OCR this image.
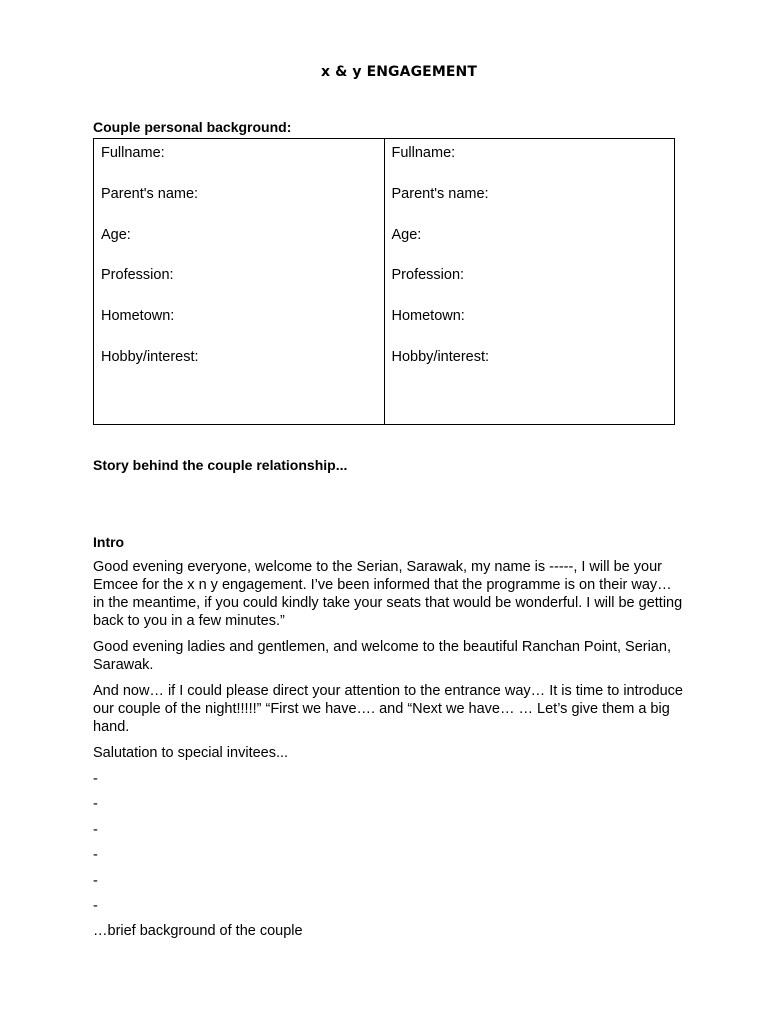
x & y ENGAGEMENT
Couple personal background:
Fullname:
Parent's name:
Age:
Profession:
Hometown:
Hobby/interest:
Fullname:
Parent's name:
Age:
Profession:
Hometown:
Hobby/interest:
Story behind the couple relationship...
Intro
Good evening everyone, welcome to the Serian, Sarawak, my name is -----, I will be your Emcee for the x n y engagement. I’ve been informed that the programme is on their way… in the meantime, if you could kindly take your seats that would be wonderful. I will be getting back to you in a few minutes.”
Good evening ladies and gentlemen, and welcome to the beautiful Ranchan Point, Serian, Sarawak.
And now… if I could please direct your attention to the entrance way… It is time to introduce our couple of the night!!!!!” “First we have…. and “Next we have… … Let’s give them a big hand.
Salutation to special invitees...
-
-
-
-
-
-
…brief background of the couple
